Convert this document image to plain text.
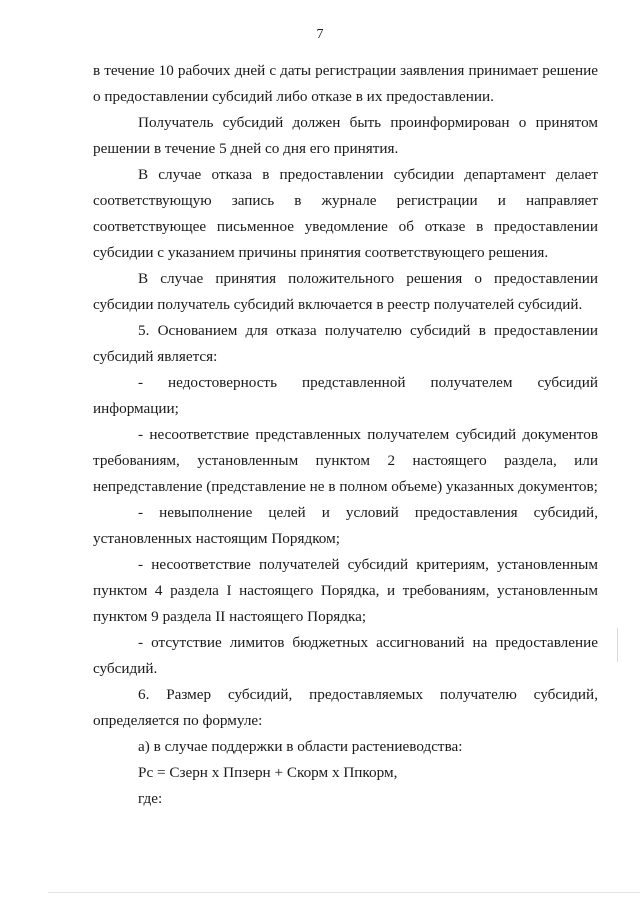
7

в течение 10 рабочих дней с даты регистрации заявления принимает решение о предоставлении субсидий либо отказе в их предоставлении.

Получатель субсидий должен быть проинформирован о принятом решении в течение 5 дней со дня его принятия.

В случае отказа в предоставлении субсидии департамент делает соответствующую запись в журнале регистрации и направляет соответствующее письменное уведомление об отказе в предоставлении субсидии с указанием причины принятия соответствующего решения.

В случае принятия положительного решения о предоставлении субсидии получатель субсидий включается в реестр получателей субсидий.

5. Основанием для отказа получателю субсидий в предоставлении субсидий является:

- недостоверность представленной получателем субсидий информации;

- несоответствие представленных получателем субсидий документов требованиям, установленным пунктом 2 настоящего раздела, или непредставление (представление не в полном объеме) указанных документов;

- невыполнение целей и условий предоставления субсидий, установленных настоящим Порядком;

- несоответствие получателей субсидий критериям, установленным пунктом 4 раздела I настоящего Порядка, и требованиям, установленным пунктом 9 раздела II настоящего Порядка;

- отсутствие лимитов бюджетных ассигнований на предоставление субсидий.

6. Размер субсидий, предоставляемых получателю субсидий, определяется по формуле:

а) в случае поддержки в области растениеводства:

Рс = Сзерн х Ппзерн + Скорм х Ппкорм,

где:
